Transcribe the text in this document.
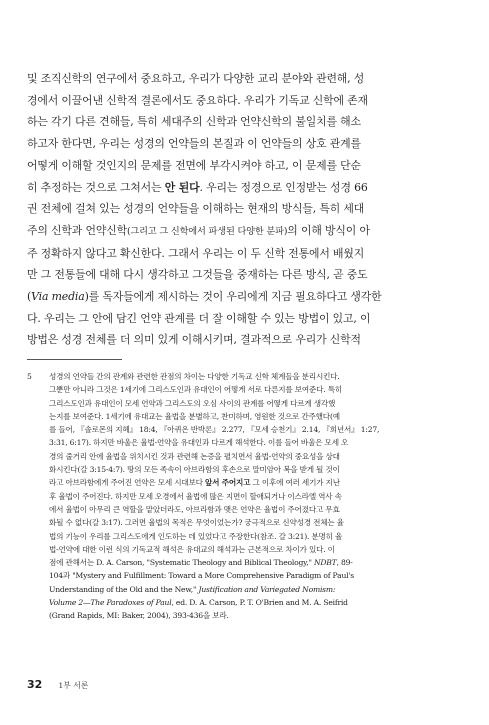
및 조직신학의 연구에서 중요하고, 우리가 다양한 교리 분야와 관련해, 성
경에서 이끌어낸 신학적 결론에서도 중요하다. 우리가 기독교 신학에 존재
하는 각기 다른 견해들, 특히 세대주의 신학과 언약신학의 불일치를 해소
하고자 한다면, 우리는 성경의 언약들의 본질과 이 언약들의 상호 관계를
어떻게 이해할 것인지의 문제를 전면에 부각시켜야 하고, 이 문제를 단순
히 추정하는 것으로 그쳐서는 안 된다. 우리는 정경으로 인정받는 성경 66
권 전체에 걸쳐 있는 성경의 언약들을 이해하는 현재의 방식들, 특히 세대
주의 신학과 언약신학(그리고 그 신학에서 파생된 다양한 분파)의 이해 방식이 아
주 정확하지 않다고 확신한다. 그래서 우리는 이 두 신학 전통에서 배웠지
만 그 전통들에 대해 다시 생각하고 그것들을 중재하는 다른 방식, 곧 중도
(Via media)를 독자들에게 제시하는 것이 우리에게 지금 필요하다고 생각한
다. 우리는 그 안에 담긴 언약 관계를 더 잘 이해할 수 있는 방법이 있고, 이
방법은 성경 전체를 더 의미 있게 이해시키며, 결과적으로 우리가 신학적

5 성경의 언약들 간의 관계와 관련한 관점의 차이는 다양한 기독교 신학 체계들을 분리시킨다.
그뿐만 아니라 그것은 1세기에 그리스도인과 유대인이 어떻게 서로 다른지를 보여준다. 특히
그리스도인과 유대인이 모세 언약과 그리스도의 오심 사이의 관계를 어떻게 다르게 생각했
는지를 보여준다. 1세기에 유대교는 율법을 분별하고, 찬미하며, 영원한 것으로 간주했다(예
를 들어, 『솔로몬의 지혜』 18:4, 『아퀴온 반박론』 2.277, 『모세 승천기』 2.14, 『희년서』 1:27,
3:31, 6:17). 하지만 바울은 율법-언약을 유대인과 다르게 해석한다. 이를 들어 바울은 모세 오
경의 줄거리 안에 율법을 위치시킨 것과 관련해 논증을 펼치면서 율법-언약의 중요성을 상대
화시킨다(갈 3:15-4:7). 땅의 모든 족속이 아브라함의 후손으로 말미암아 복을 받게 될 것이
라고 아브라함에게 주어진 언약은 모세 시대보다 앞서 주어지고 그 이후에 여러 세기가 지난
후 율법이 주어진다. 하지만 모세 오경에서 율법에 많은 지면이 할애되거나 이스라엘 역사 속
에서 율법이 아무리 큰 역할을 맡았더라도, 아브라함과 맺은 언약은 율법이 주어졌다고 무효
화될 수 없다(갈 3:17). 그러면 율법의 목적은 무엇이었는가? 궁극적으로 신약성경 전체는 율
법의 기능이 우리를 그리스도에게 인도하는 데 있었다고 주장한다(참조. 갈 3:21). 분명히 율
법-언약에 대한 이런 식의 기독교적 해석은 유대교의 해석과는 근본적으로 차이가 있다. 이
점에 관해서는 D. A. Carson, "Systematic Theology and Biblical Theology," NDBT, 89-
104과 "Mystery and Fulfillment: Toward a More Comprehensive Paradigm of Paul's
Understanding of the Old and the New," Justification and Variegated Nomism:
Volume 2—The Paradoxes of Paul, ed. D. A. Carson, P. T. O'Brien and M. A. Seifrid
(Grand Rapids, MI: Baker, 2004), 393-436을 보라.
32 1부 서론
